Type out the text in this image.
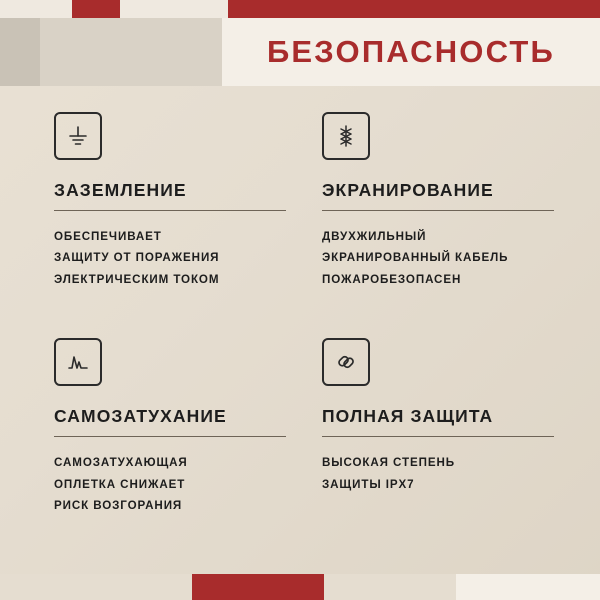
БЕЗОПАСНОСТЬ
ЗАЗЕМЛЕНИЕ
ОБЕСПЕЧИВАЕТ
ЗАЩИТУ ОТ ПОРАЖЕНИЯ
ЭЛЕКТРИЧЕСКИМ ТОКОМ
ЭКРАНИРОВАНИЕ
ДВУХЖИЛЬНЫЙ
ЭКРАНИРОВАННЫЙ КАБЕЛЬ
ПОЖАРОБЕЗОПАСЕН
САМОЗАТУХАНИЕ
САМОЗАТУХАЮЩАЯ
ОПЛЕТКА СНИЖАЕТ
РИСК ВОЗГОРАНИЯ
ПОЛНАЯ ЗАЩИТА
ВЫСОКАЯ СТЕПЕНЬ
ЗАЩИТЫ IPX7
